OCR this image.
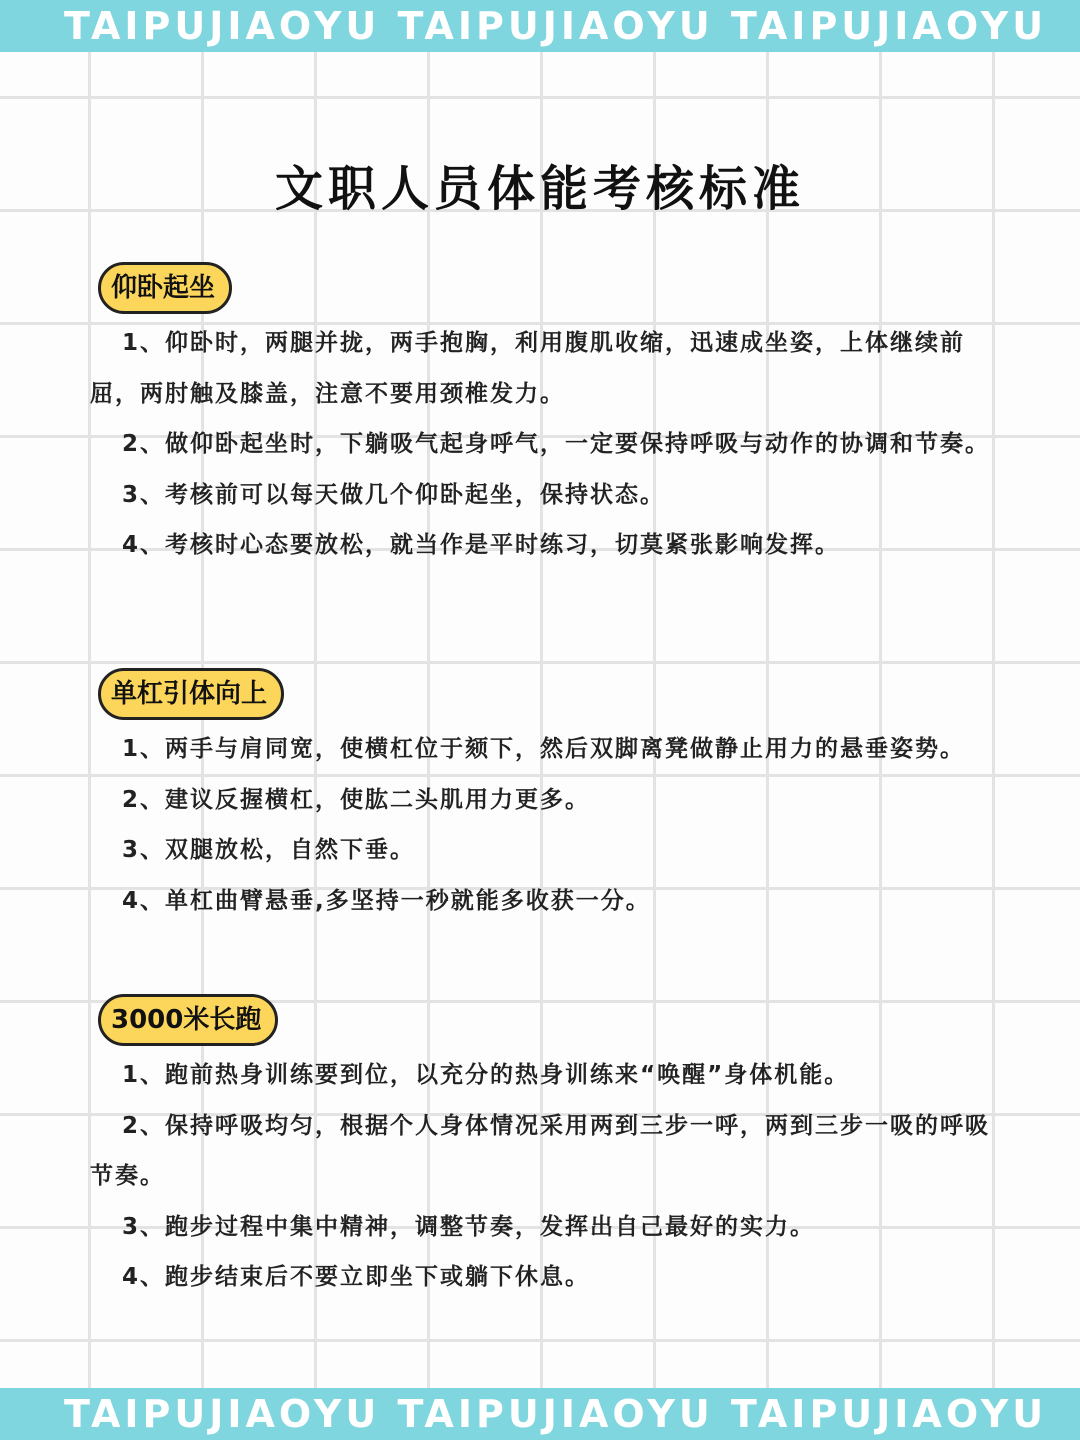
TAIPUJIAOYU TAIPUJIAOYU TAIPUJIAOYU
文职人员体能考核标准
仰卧起坐

1、仰卧时，两腿并拢，两手抱胸，利用腹肌收缩，迅速成坐姿，上体继续前屈，两肘触及膝盖，注意不要用颈椎发力。

2、做仰卧起坐时，下躺吸气起身呼气，一定要保持呼吸与动作的协调和节奏。

3、考核前可以每天做几个仰卧起坐，保持状态。

4、考核时心态要放松，就当作是平时练习，切莫紧张影响发挥。

单杠引体向上

1、两手与肩同宽，使横杠位于颏下，然后双脚离凳做静止用力的悬垂姿势。

2、建议反握横杠，使肱二头肌用力更多。

3、双腿放松，自然下垂。

4、单杠曲臂悬垂,多坚持一秒就能多收获一分。

3000米长跑

1、跑前热身训练要到位，以充分的热身训练来“唤醒”身体机能。

2、保持呼吸均匀，根据个人身体情况采用两到三步一呼，两到三步一吸的呼吸节奏。

3、跑步过程中集中精神，调整节奏，发挥出自己最好的实力。

4、跑步结束后不要立即坐下或躺下休息。

TAIPUJIAOYU TAIPUJIAOYU TAIPUJIAOYU
